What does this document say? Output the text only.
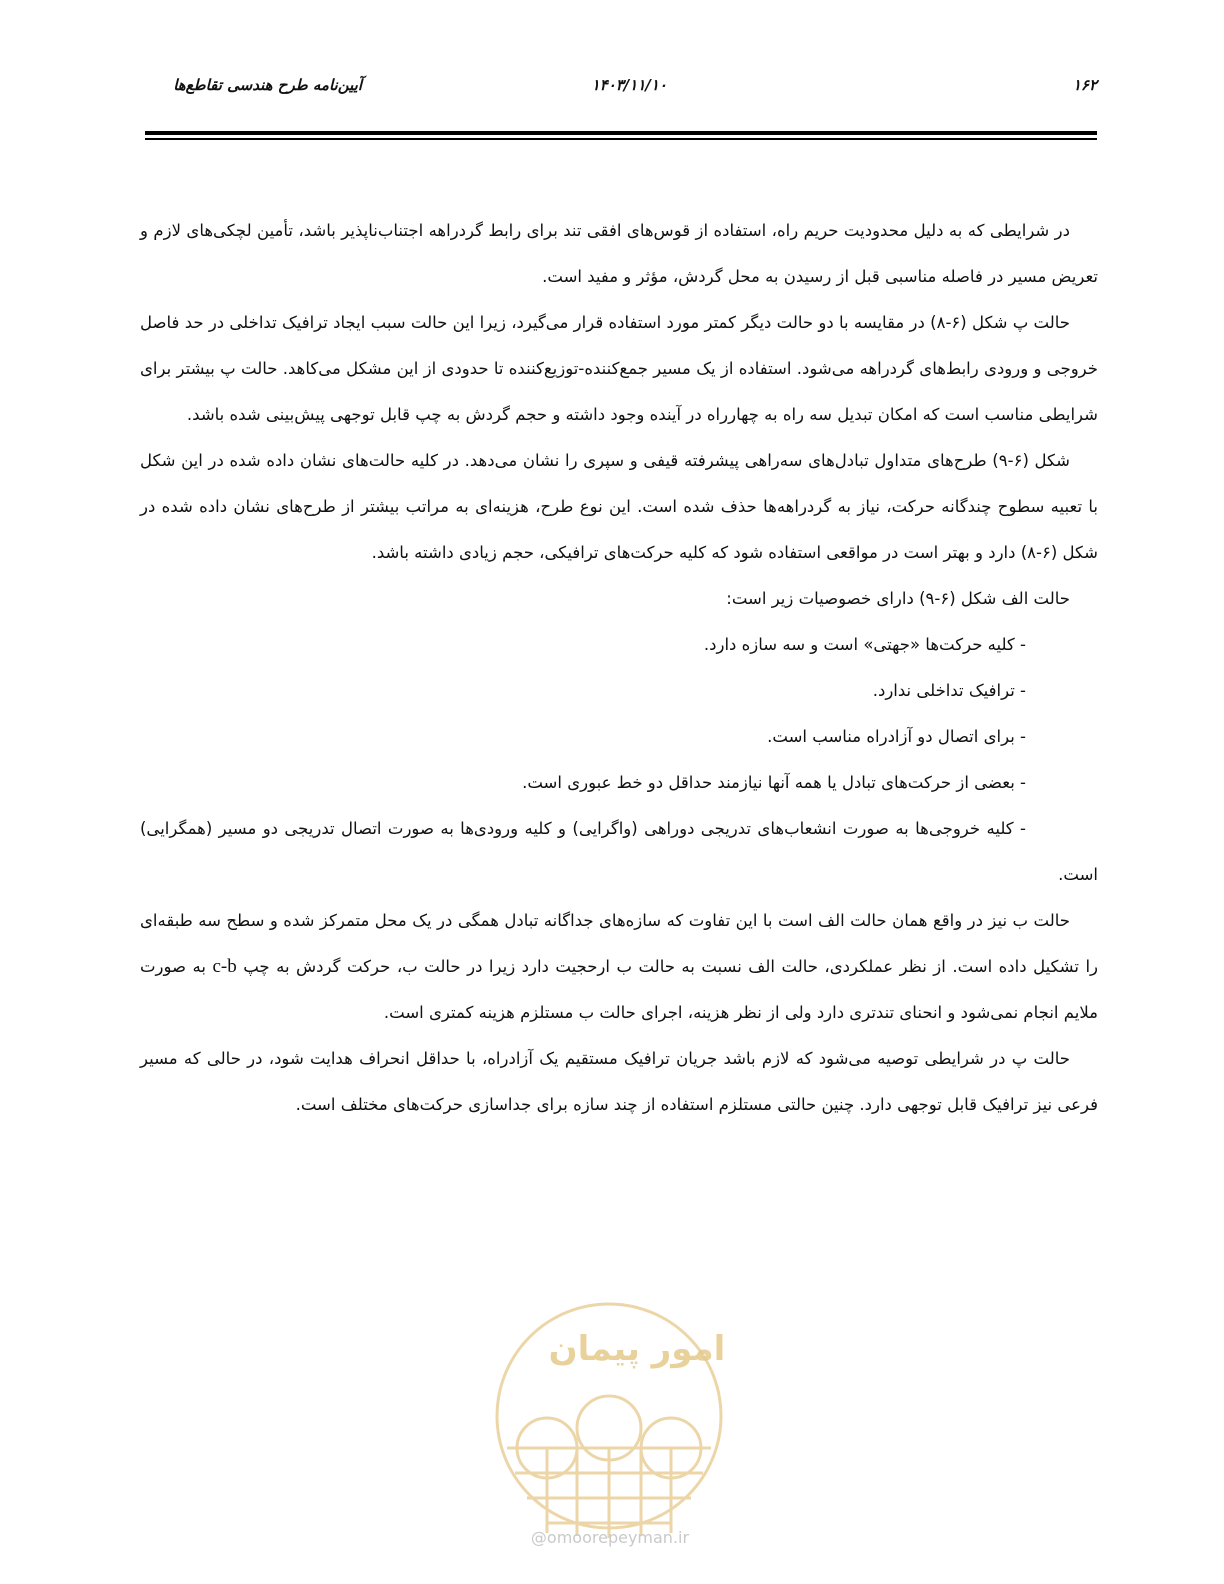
۱۶۲
۱۴۰۳/۱۱/۱۰
آیین‌نامه طرح هندسی تقاطع‌ها

در شرایطی که به دلیل محدودیت حریم راه، استفاده از قوس‌های افقی تند برای رابط گردراهه اجتناب‌ناپذیر باشد، تأمین لچکی‌های لازم و تعریض مسیر در فاصله مناسبی قبل از رسیدن به محل گردش، مؤثر و مفید است.

حالت پ شکل (۶-۸) در مقایسه با دو حالت دیگر کمتر مورد استفاده قرار می‌گیرد، زیرا این حالت سبب ایجاد ترافیک تداخلی در حد فاصل خروجی و ورودی رابط‌های گردراهه می‌شود. استفاده از یک مسیر جمع‌کننده-توزیع‌کننده تا حدودی از این مشکل می‌کاهد. حالت پ بیشتر برای شرایطی مناسب است که امکان تبدیل سه راه به چهارراه در آینده وجود داشته و حجم گردش به چپ قابل توجهی پیش‌بینی شده باشد.

شکل (۶-۹) طرح‌های متداول تبادل‌های سه‌راهی پیشرفته قیفی و سپری را نشان می‌دهد. در کلیه حالت‌های نشان داده شده در این شکل با تعبیه سطوح چندگانه حرکت، نیاز به گردراهه‌ها حذف شده است. این نوع طرح، هزینه‌ای به مراتب بیشتر از طرح‌های نشان داده شده در شکل (۶-۸) دارد و بهتر است در مواقعی استفاده شود که کلیه حرکت‌های ترافیکی، حجم زیادی داشته باشد.

حالت الف شکل (۶-۹) دارای خصوصیات زیر است:

- کلیه حرکت‌ها «جهتی» است و سه سازه دارد.

- ترافیک تداخلی ندارد.

- برای اتصال دو آزادراه مناسب است.

- بعضی از حرکت‌های تبادل یا همه آنها نیازمند حداقل دو خط عبوری است.

- کلیه خروجی‌ها به صورت انشعاب‌های تدریجی دوراهی (واگرایی) و کلیه ورودی‌ها به صورت اتصال تدریجی دو مسیر (همگرایی) است.

حالت ب نیز در واقع همان حالت الف است با این تفاوت که سازه‌های جداگانه تبادل همگی در یک محل متمرکز شده و سطح سه طبقه‌ای را تشکیل داده است. از نظر عملکردی، حالت الف نسبت به حالت ب ارحجیت دارد زیرا در حالت ب، حرکت گردش به چپ c-b به صورت ملایم انجام نمی‌شود و انحنای تندتری دارد ولی از نظر هزینه، اجرای حالت ب مستلزم هزینه کمتری است.

حالت پ در شرایطی توصیه می‌شود که لازم باشد جریان ترافیک مستقیم یک آزادراه، با حداقل انحراف هدایت شود، در حالی که مسیر فرعی نیز ترافیک قابل توجهی دارد. چنین حالتی مستلزم استفاده از چند سازه برای جداسازی حرکت‌های مختلف است.

امور پیمان
@omoorepeyman.ir
